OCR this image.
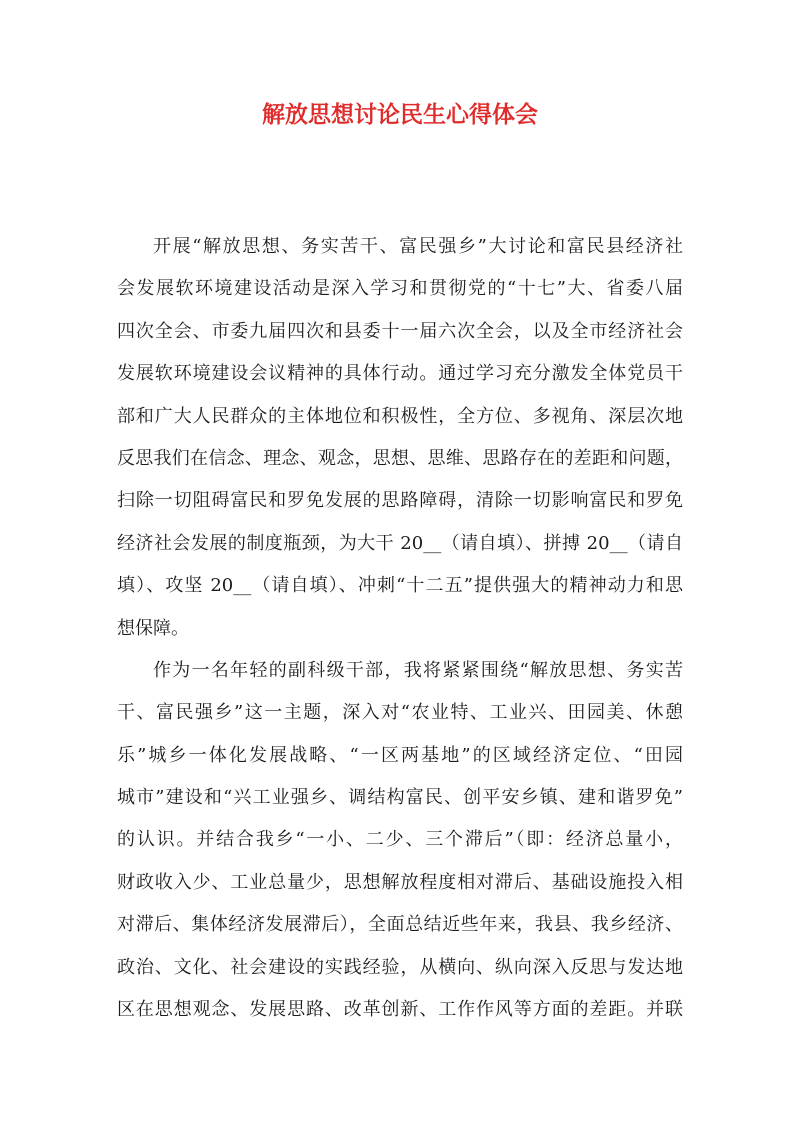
解放思想讨论民生心得体会
开展“解放思想、务实苦干、富民强乡”大讨论和富民县经济社
会发展软环境建设活动是深入学习和贯彻党的“十七”大、省委八届
四次全会、市委九届四次和县委十一届六次全会，以及全市经济社会
发展软环境建设会议精神的具体行动。通过学习充分激发全体党员干
部和广大人民群众的主体地位和积极性，全方位、多视角、深层次地
反思我们在信念、理念、观念，思想、思维、思路存在的差距和问题，
扫除一切阻碍富民和罗免发展的思路障碍，清除一切影响富民和罗免
经济社会发展的制度瓶颈，为大干 20__（请自填）、拼搏 20__（请自
填）、攻坚 20__（请自填）、冲刺“十二五”提供强大的精神动力和思
想保障。
作为一名年轻的副科级干部，我将紧紧围绕“解放思想、务实苦
干、富民强乡”这一主题，深入对“农业特、工业兴、田园美、休憩
乐”城乡一体化发展战略、“一区两基地”的区域经济定位、“田园
城市”建设和“兴工业强乡、调结构富民、创平安乡镇、建和谐罗免”
的认识。并结合我乡“一小、二少、三个滞后”（即：经济总量小，
财政收入少、工业总量少，思想解放程度相对滞后、基础设施投入相
对滞后、集体经济发展滞后），全面总结近些年来，我县、我乡经济、
政治、文化、社会建设的实践经验，从横向、纵向深入反思与发达地
区在思想观念、发展思路、改革创新、工作作风等方面的差距。并联
